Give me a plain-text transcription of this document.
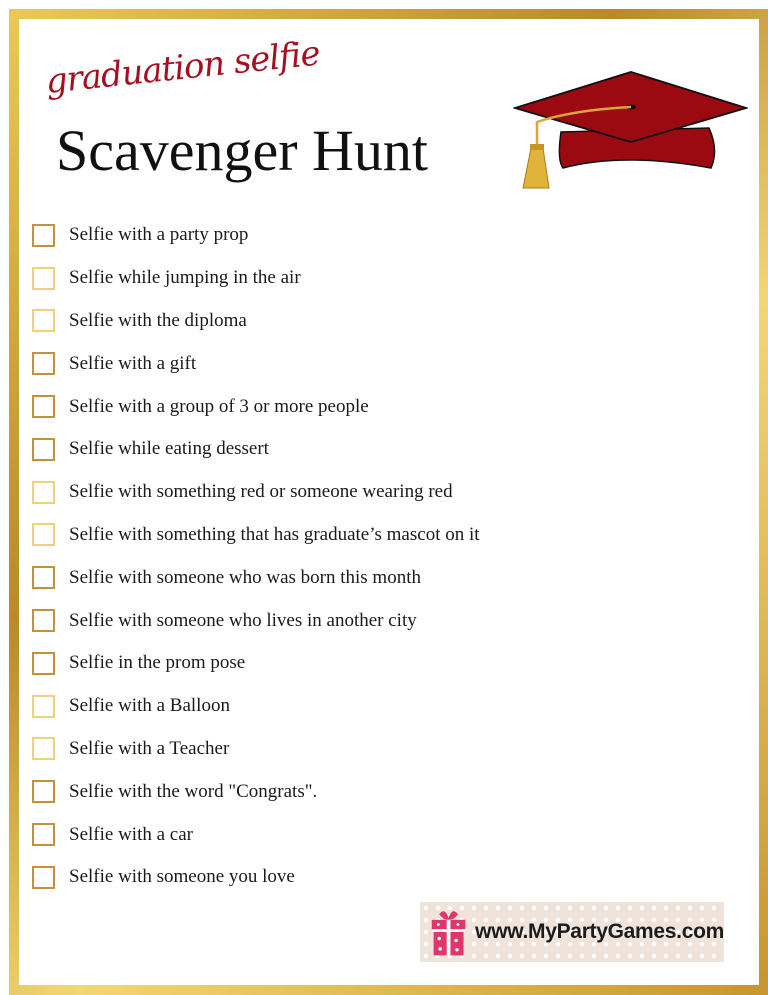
graduation selfie
Scavenger Hunt
Selfie with a party prop
Selfie while jumping in the air
Selfie with the diploma
Selfie with a gift
Selfie with a group of 3 or more people
Selfie while eating dessert
Selfie with something red or someone wearing red
Selfie with something that has graduate’s mascot on it
Selfie with someone who was born this month
Selfie with someone who lives in another city
Selfie in the prom pose
Selfie with a Balloon
Selfie with a Teacher
Selfie with the word "Congrats".
Selfie with a car
Selfie with someone you love
www.MyPartyGames.com
